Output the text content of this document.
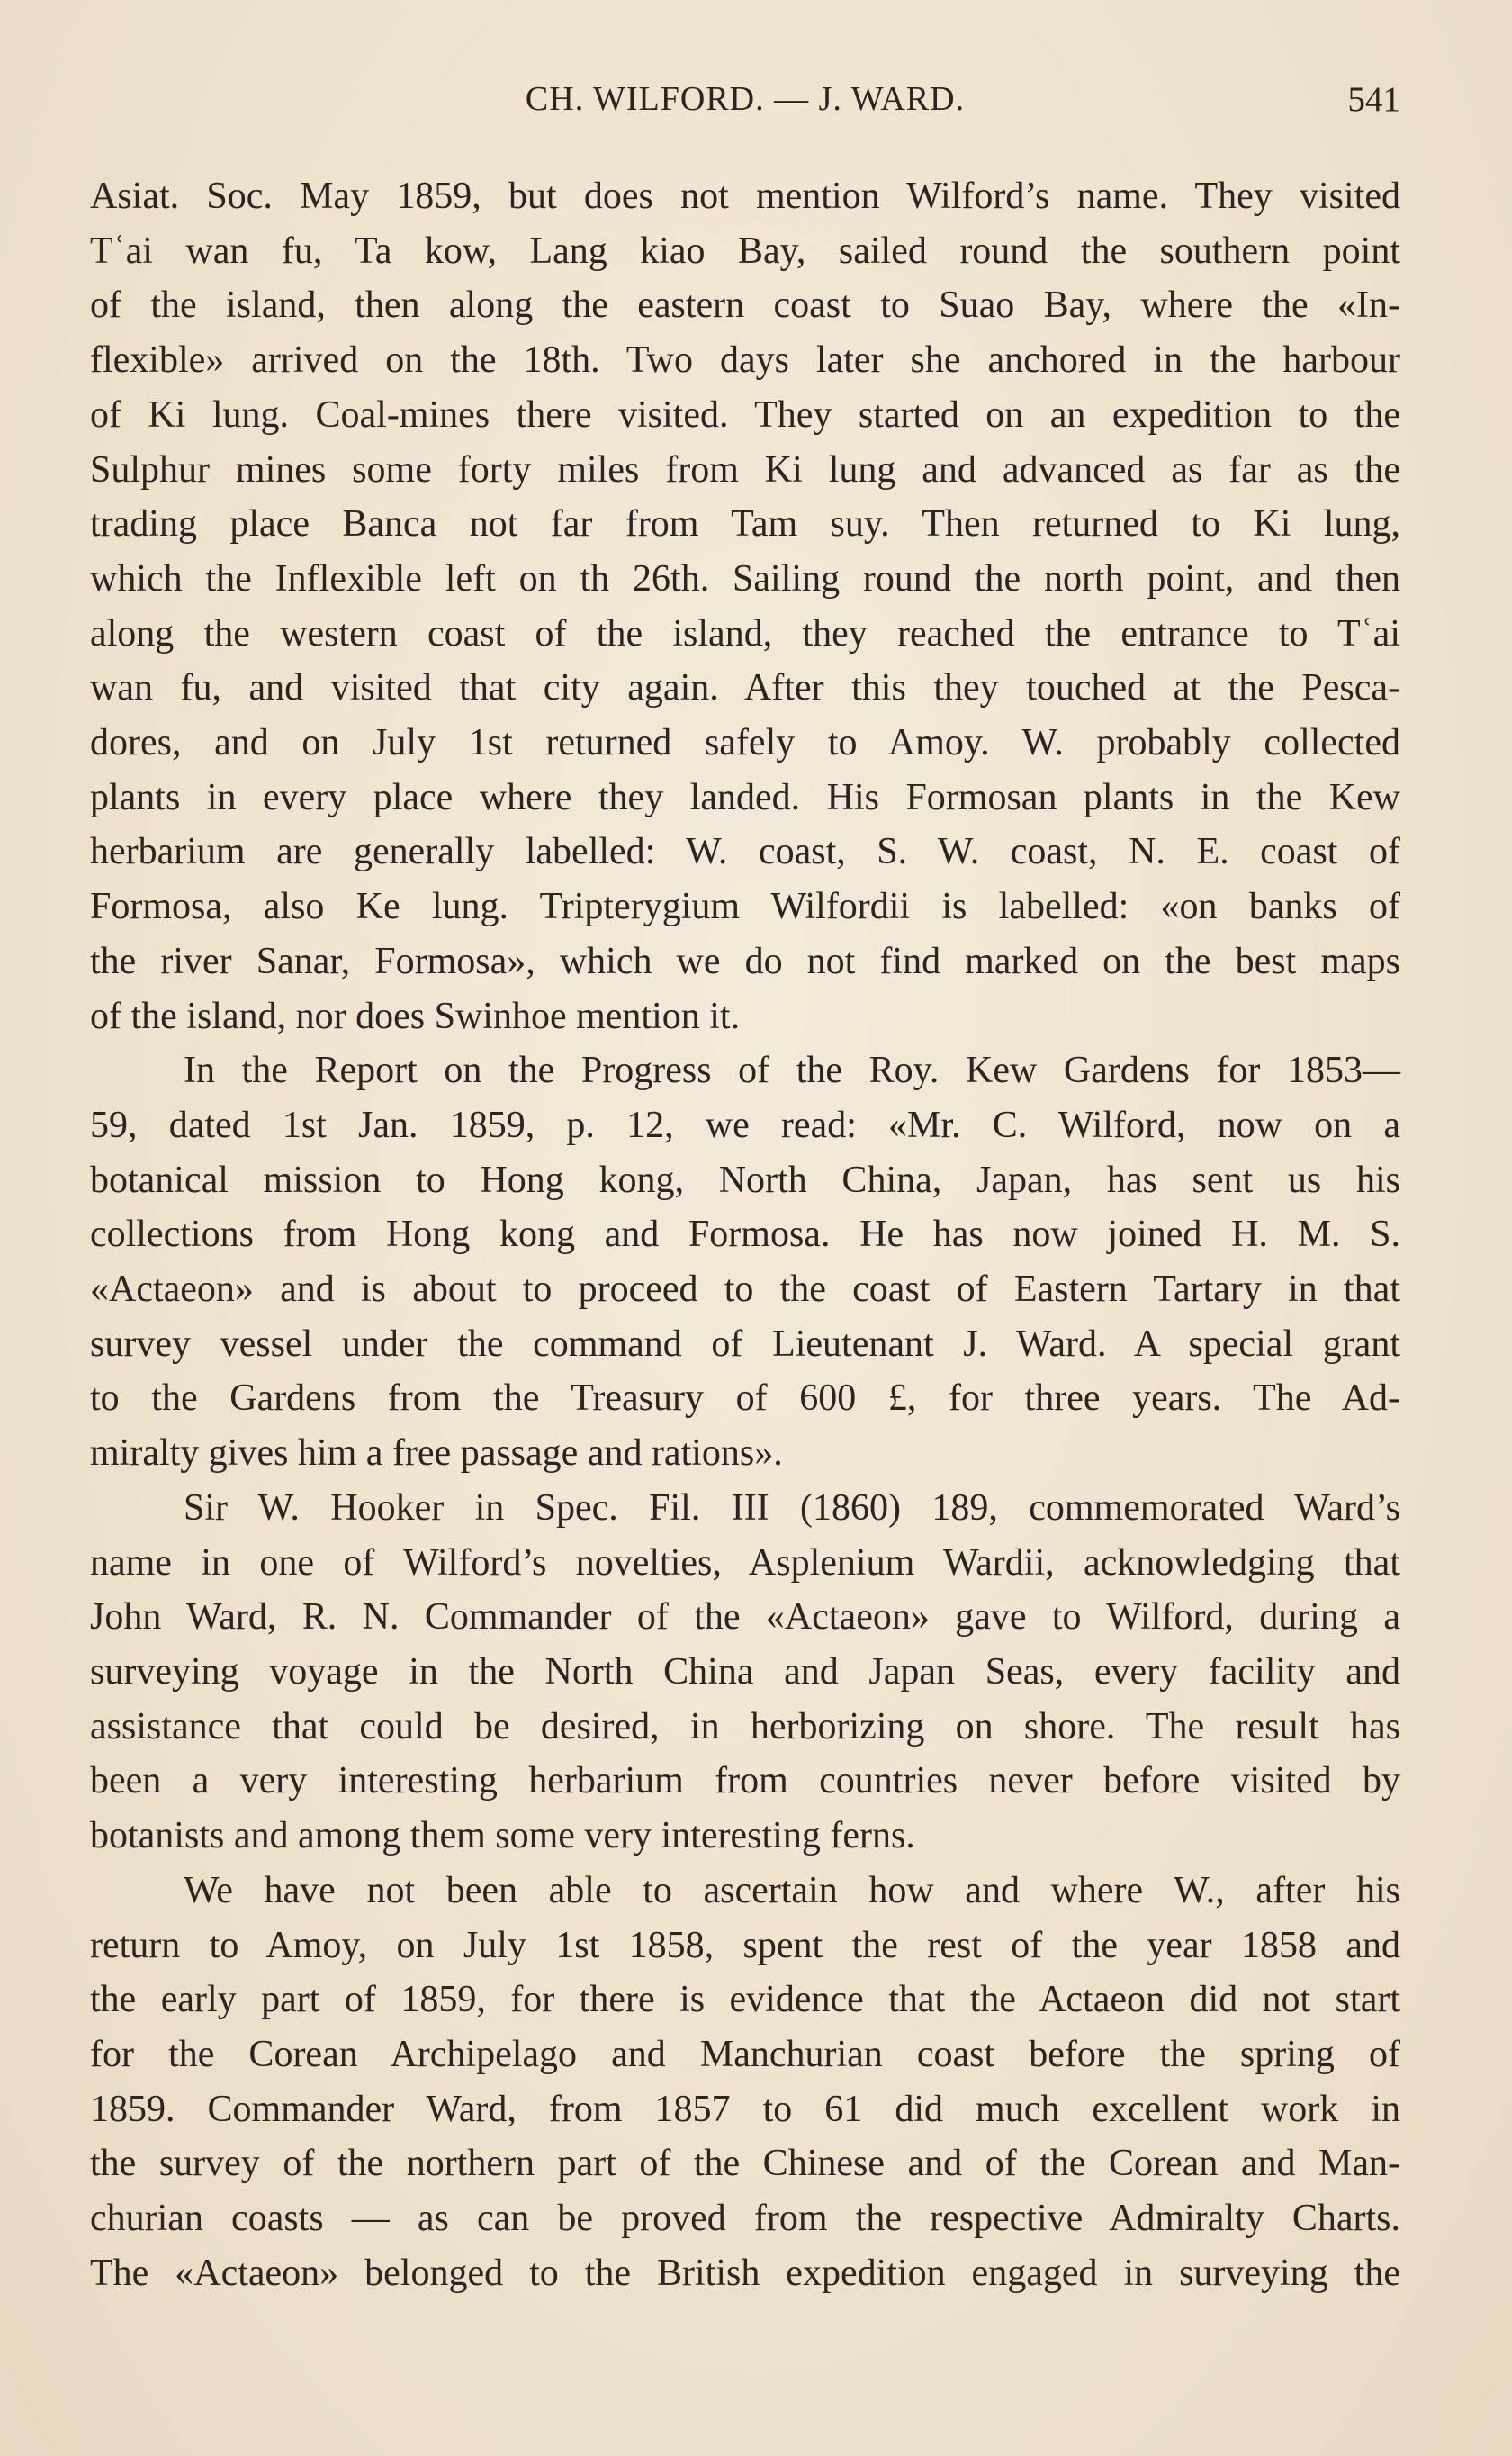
CH. WILFORD. — J. WARD.	541
Asiat. Soc. May 1859, but does not mention Wilford’s name. They visited
Tʿai wan fu, Ta kow, Lang kiao Bay, sailed round the southern point
of the island, then along the eastern coast to Suao Bay, where the «In-
flexible» arrived on the 18th. Two days later she anchored in the harbour
of Ki lung. Coal-mines there visited. They started on an expedition to the
Sulphur mines some forty miles from Ki lung and advanced as far as the
trading place Banca not far from Tam suy. Then returned to Ki lung,
which the Inflexible left on th 26th. Sailing round the north point, and then
along the western coast of the island, they reached the entrance to Tʿai
wan fu, and visited that city again. After this they touched at the Pesca-
dores, and on July 1st returned safely to Amoy. W. probably collected
plants in every place where they landed. His Formosan plants in the Kew
herbarium are generally labelled: W. coast, S. W. coast, N. E. coast of
Formosa, also Ke lung. Tripterygium Wilfordii is labelled: «on banks of
the river Sanar, Formosa», which we do not find marked on the best maps
of the island, nor does Swinhoe mention it.
In the Report on the Progress of the Roy. Kew Gardens for 1853—
59, dated 1st Jan. 1859, p. 12, we read: «Mr. C. Wilford, now on a
botanical mission to Hong kong, North China, Japan, has sent us his
collections from Hong kong and Formosa. He has now joined H. M. S.
«Actaeon» and is about to proceed to the coast of Eastern Tartary in that
survey vessel under the command of Lieutenant J. Ward. A special grant
to the Gardens from the Treasury of 600 £, for three years. The Ad-
miralty gives him a free passage and rations».
Sir W. Hooker in Spec. Fil. III (1860) 189, commemorated Ward’s
name in one of Wilford’s novelties, Asplenium Wardii, acknowledging that
John Ward, R. N. Commander of the «Actaeon» gave to Wilford, during a
surveying voyage in the North China and Japan Seas, every facility and
assistance that could be desired, in herborizing on shore. The result has
been a very interesting herbarium from countries never before visited by
botanists and among them some very interesting ferns.
We have not been able to ascertain how and where W., after his
return to Amoy, on July 1st 1858, spent the rest of the year 1858 and
the early part of 1859, for there is evidence that the Actaeon did not start
for the Corean Archipelago and Manchurian coast before the spring of
1859. Commander Ward, from 1857 to 61 did much excellent work in
the survey of the northern part of the Chinese and of the Corean and Man-
churian coasts — as can be proved from the respective Admiralty Charts.
The «Actaeon» belonged to the British expedition engaged in surveying the
